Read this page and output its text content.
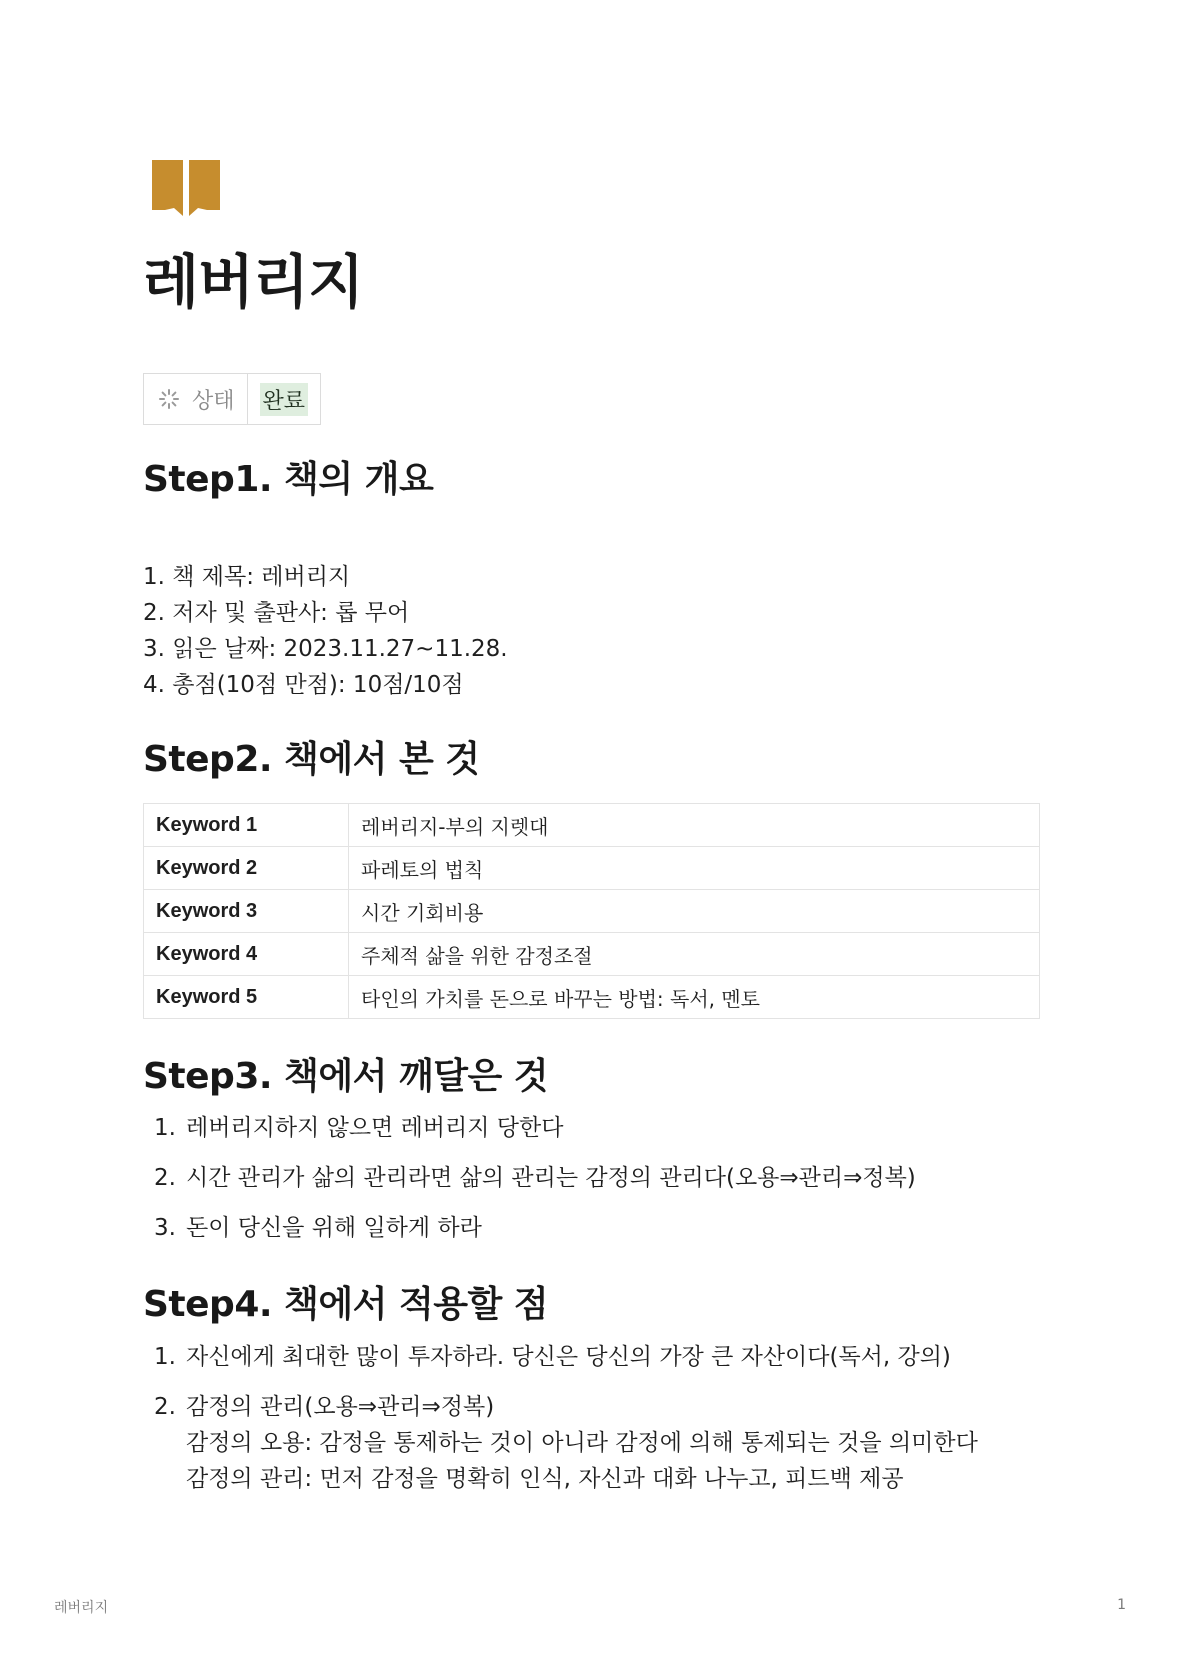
레버리지
상태 완료
Step1. 책의 개요
1. 책 제목: 레버리지
2. 저자 및 출판사: 롭 무어
3. 읽은 날짜: 2023.11.27~11.28.
4. 총점(10점 만점): 10점/10점
Step2. 책에서 본 것
Keyword 1	레버리지-부의 지렛대
Keyword 2	파레토의 법칙
Keyword 3	시간 기회비용
Keyword 4	주체적 삶을 위한 감정조절
Keyword 5	타인의 가치를 돈으로 바꾸는 방법: 독서, 멘토
Step3. 책에서 깨달은 것
1. 레버리지하지 않으면 레버리지 당한다
2. 시간 관리가 삶의 관리라면 삶의 관리는 감정의 관리다(오용⇒관리⇒정복)
3. 돈이 당신을 위해 일하게 하라
Step4. 책에서 적용할 점
1. 자신에게 최대한 많이 투자하라. 당신은 당신의 가장 큰 자산이다(독서, 강의)

2. 감정의 관리(오용⇒관리⇒정복)

감정의 오용: 감정을 통제하는 것이 아니라 감정에 의해 통제되는 것을 의미한다

감정의 관리: 먼저 감정을 명확히 인식, 자신과 대화 나누고, 피드백 제공

레버리지	1
